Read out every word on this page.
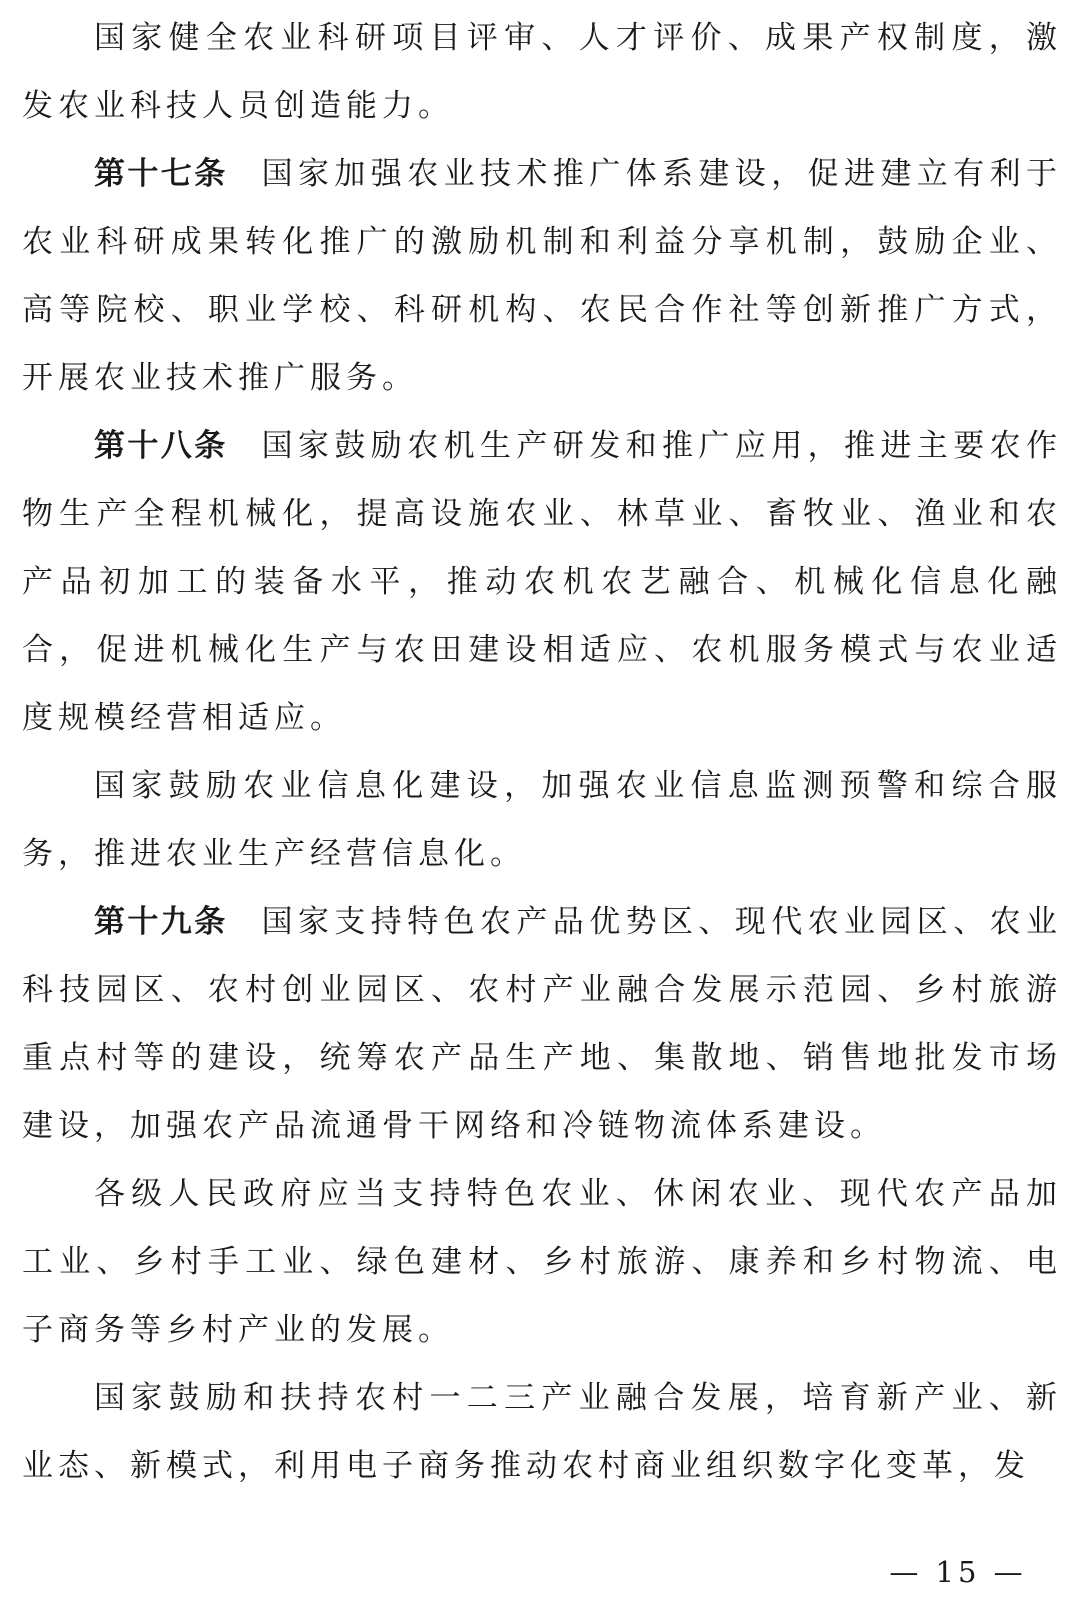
国家健全农业科研项目评审、人才评价、成果产权制度，激发农业科技人员创造能力。

第十七条 国家加强农业技术推广体系建设，促进建立有利于农业科研成果转化推广的激励机制和利益分享机制，鼓励企业、高等院校、职业学校、科研机构、农民合作社等创新推广方式，开展农业技术推广服务。

第十八条 国家鼓励农机生产研发和推广应用，推进主要农作物生产全程机械化，提高设施农业、林草业、畜牧业、渔业和农产品初加工的装备水平，推动农机农艺融合、机械化信息化融合，促进机械化生产与农田建设相适应、农机服务模式与农业适度规模经营相适应。

国家鼓励农业信息化建设，加强农业信息监测预警和综合服务，推进农业生产经营信息化。

第十九条 国家支持特色农产品优势区、现代农业园区、农业科技园区、农村创业园区、农村产业融合发展示范园、乡村旅游重点村等的建设，统筹农产品生产地、集散地、销售地批发市场建设，加强农产品流通骨干网络和冷链物流体系建设。

各级人民政府应当支持特色农业、休闲农业、现代农产品加工业、乡村手工业、绿色建材、乡村旅游、康养和乡村物流、电子商务等乡村产业的发展。

国家鼓励和扶持农村一二三产业融合发展，培育新产业、新业态、新模式，利用电子商务推动农村商业组织数字化变革，发

— 15 —
